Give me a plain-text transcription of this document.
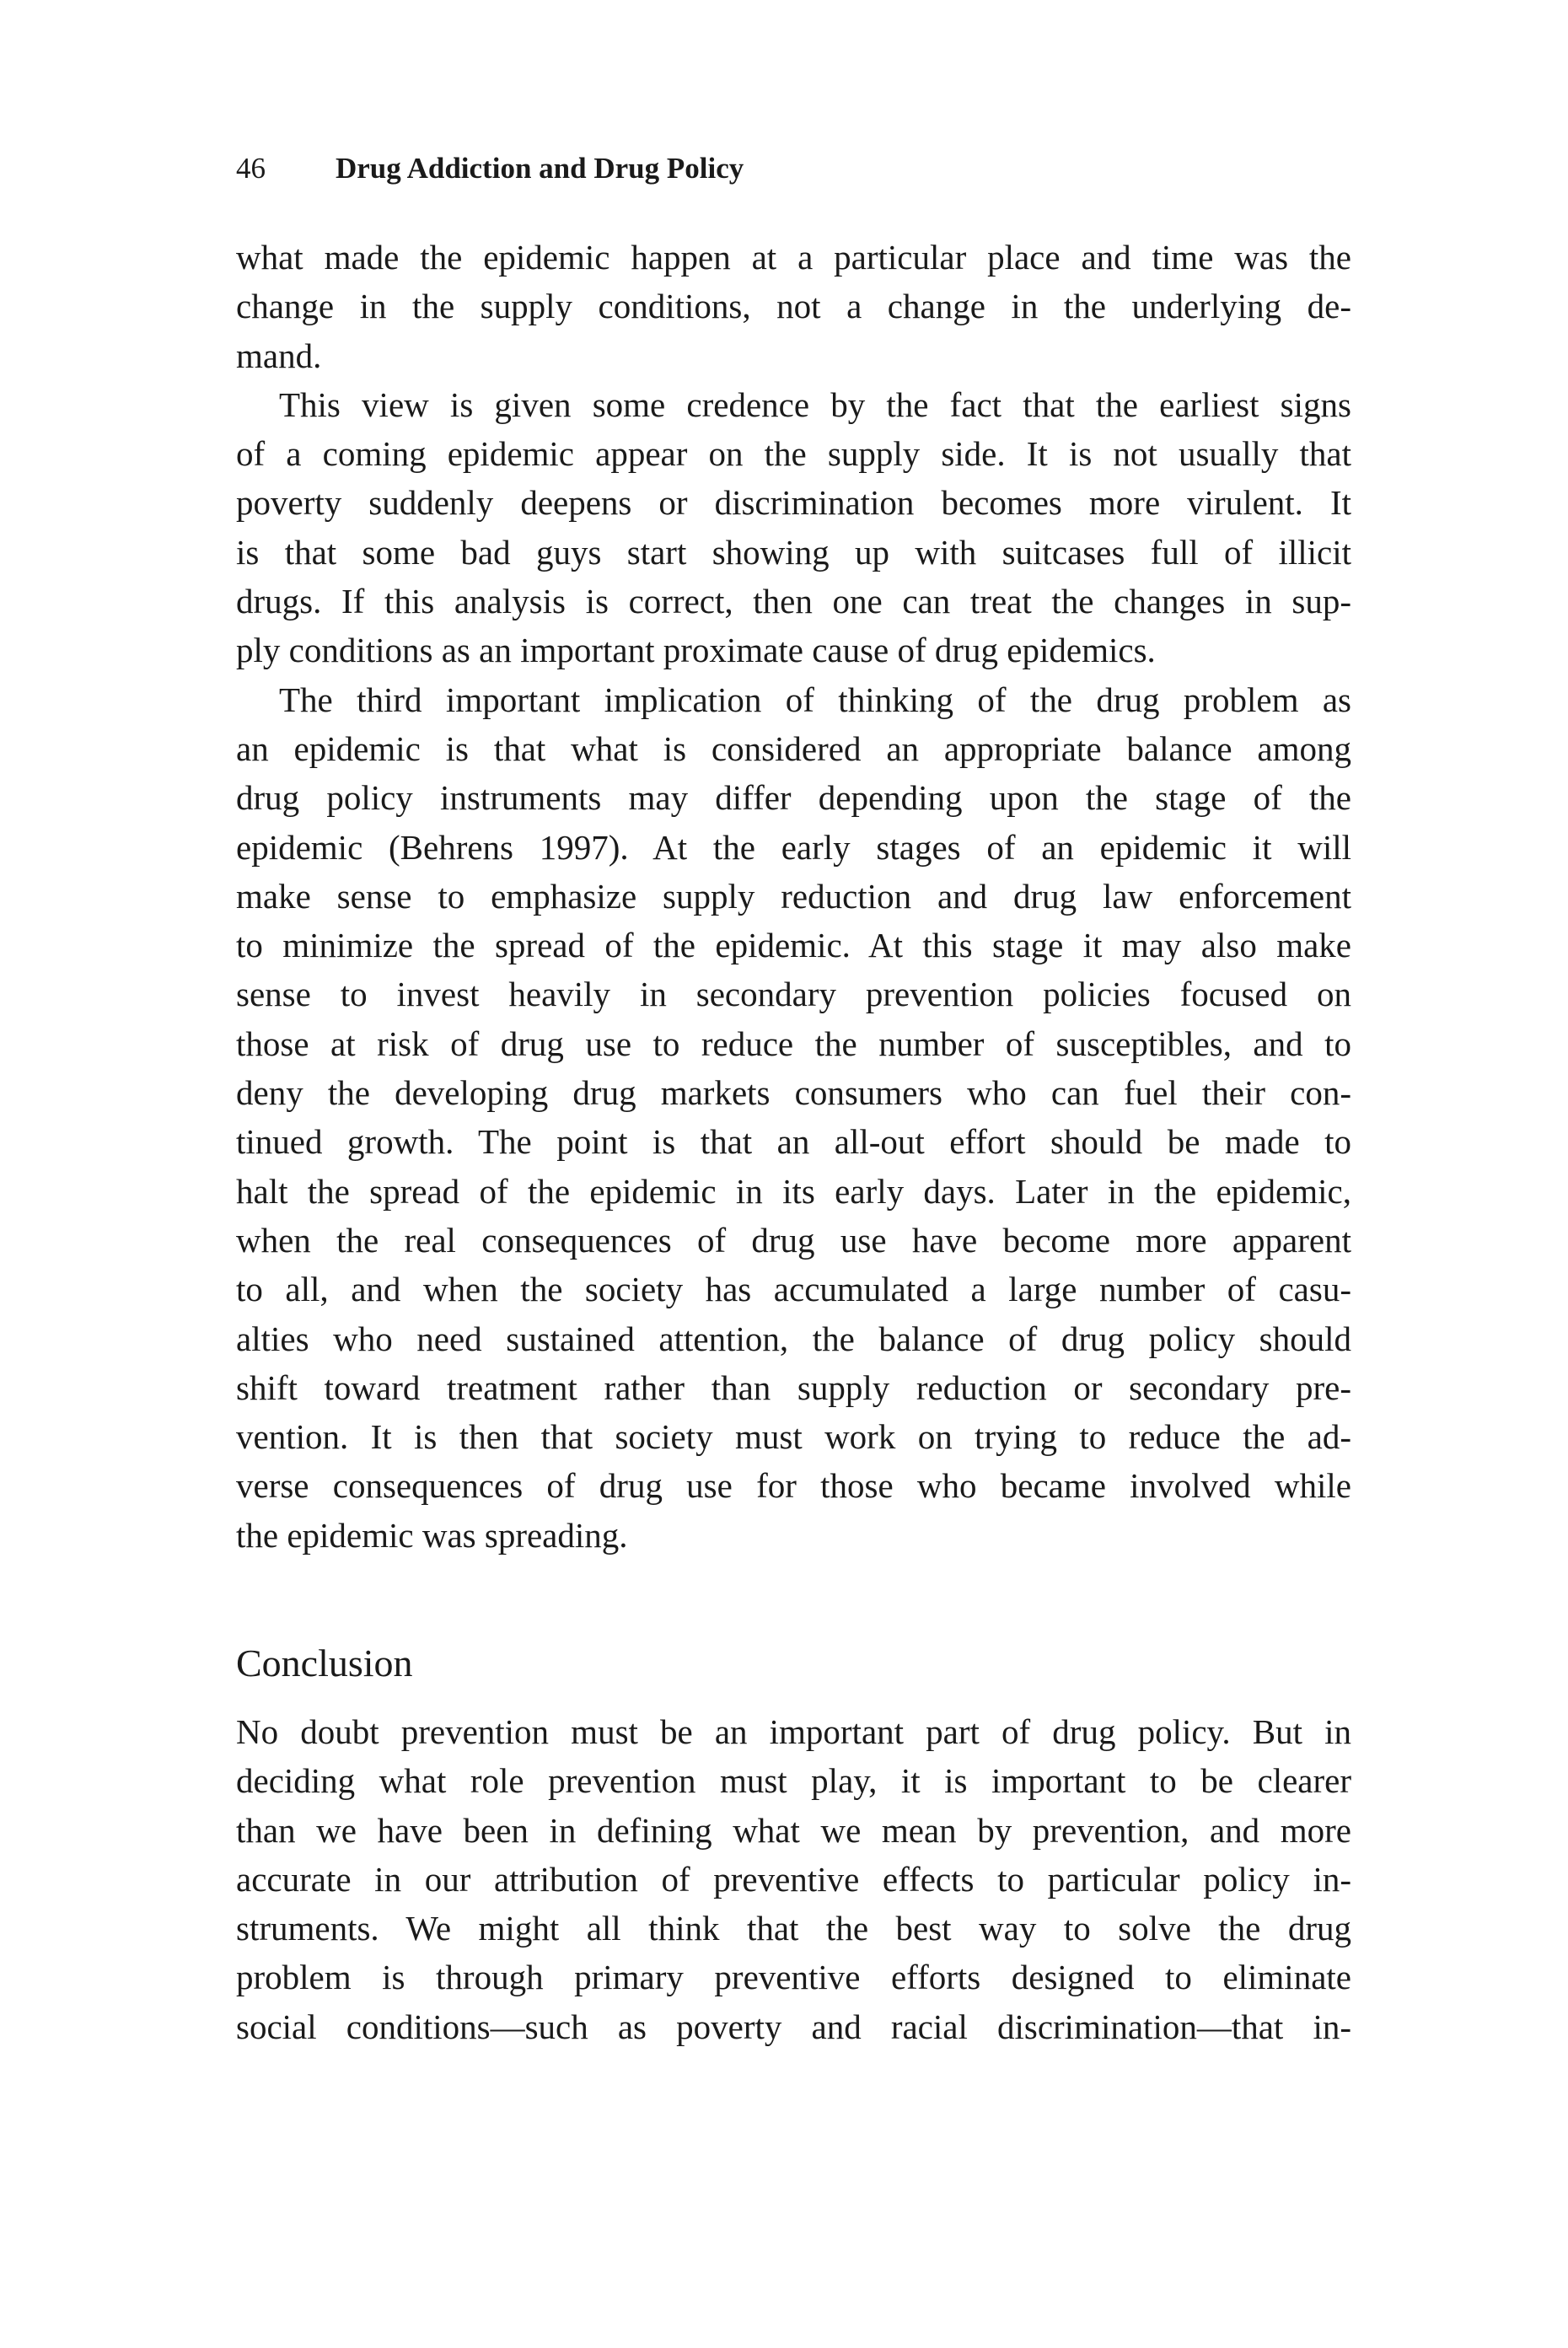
46 Drug Addiction and Drug Policy
what made the epidemic happen at a particular place and time was the
change in the supply conditions, not a change in the underlying de-
mand.
This view is given some credence by the fact that the earliest signs
of a coming epidemic appear on the supply side. It is not usually that
poverty suddenly deepens or discrimination becomes more virulent. It
is that some bad guys start showing up with suitcases full of illicit
drugs. If this analysis is correct, then one can treat the changes in sup-
ply conditions as an important proximate cause of drug epidemics.
The third important implication of thinking of the drug problem as
an epidemic is that what is considered an appropriate balance among
drug policy instruments may differ depending upon the stage of the
epidemic (Behrens 1997). At the early stages of an epidemic it will
make sense to emphasize supply reduction and drug law enforcement
to minimize the spread of the epidemic. At this stage it may also make
sense to invest heavily in secondary prevention policies focused on
those at risk of drug use to reduce the number of susceptibles, and to
deny the developing drug markets consumers who can fuel their con-
tinued growth. The point is that an all-out effort should be made to
halt the spread of the epidemic in its early days. Later in the epidemic,
when the real consequences of drug use have become more apparent
to all, and when the society has accumulated a large number of casu-
alties who need sustained attention, the balance of drug policy should
shift toward treatment rather than supply reduction or secondary pre-
vention. It is then that society must work on trying to reduce the ad-
verse consequences of drug use for those who became involved while
the epidemic was spreading.
Conclusion
No doubt prevention must be an important part of drug policy. But in
deciding what role prevention must play, it is important to be clearer
than we have been in defining what we mean by prevention, and more
accurate in our attribution of preventive effects to particular policy in-
struments. We might all think that the best way to solve the drug
problem is through primary preventive efforts designed to eliminate
social conditions—such as poverty and racial discrimination—that in-
